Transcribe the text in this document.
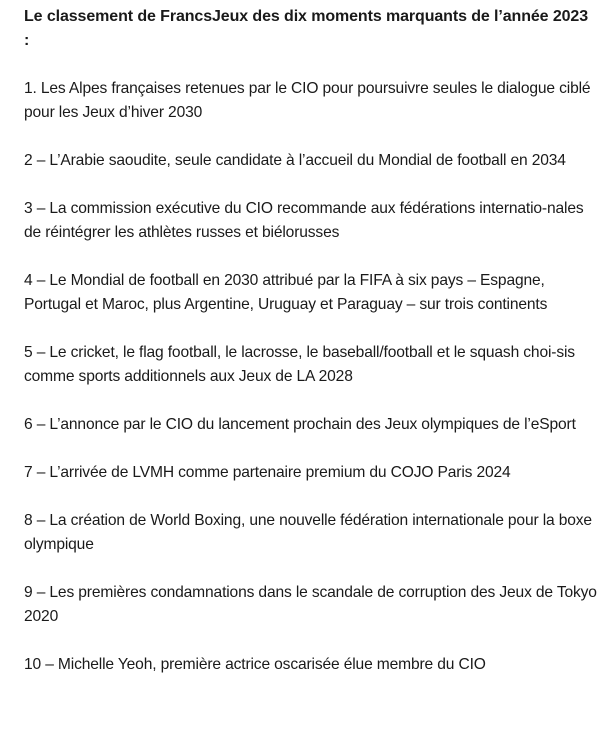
Le classement de FrancsJeux des dix moments marquants de l’année 2023 :

1. Les Alpes françaises retenues par le CIO pour poursuivre seules le dialogue ciblé pour les Jeux d’hiver 2030

2 – L’Arabie saoudite, seule candidate à l’accueil du Mondial de football en 2034

3 – La commission exécutive du CIO recommande aux fédérations internatio-nales de réintégrer les athlètes russes et biélorusses

4 – Le Mondial de football en 2030 attribué par la FIFA à six pays – Espagne, Portugal et Maroc, plus Argentine, Uruguay et Paraguay – sur trois continents

5 – Le cricket, le flag football, le lacrosse, le baseball/football et le squash choi-sis comme sports additionnels aux Jeux de LA 2028

6 – L’annonce par le CIO du lancement prochain des Jeux olympiques de l’eSport

7 – L’arrivée de LVMH comme partenaire premium du COJO Paris 2024

8 – La création de World Boxing, une nouvelle fédération internationale pour la boxe olympique

9 – Les premières condamnations dans le scandale de corruption des Jeux de Tokyo 2020

10 – Michelle Yeoh, première actrice oscarisée élue membre du CIO
